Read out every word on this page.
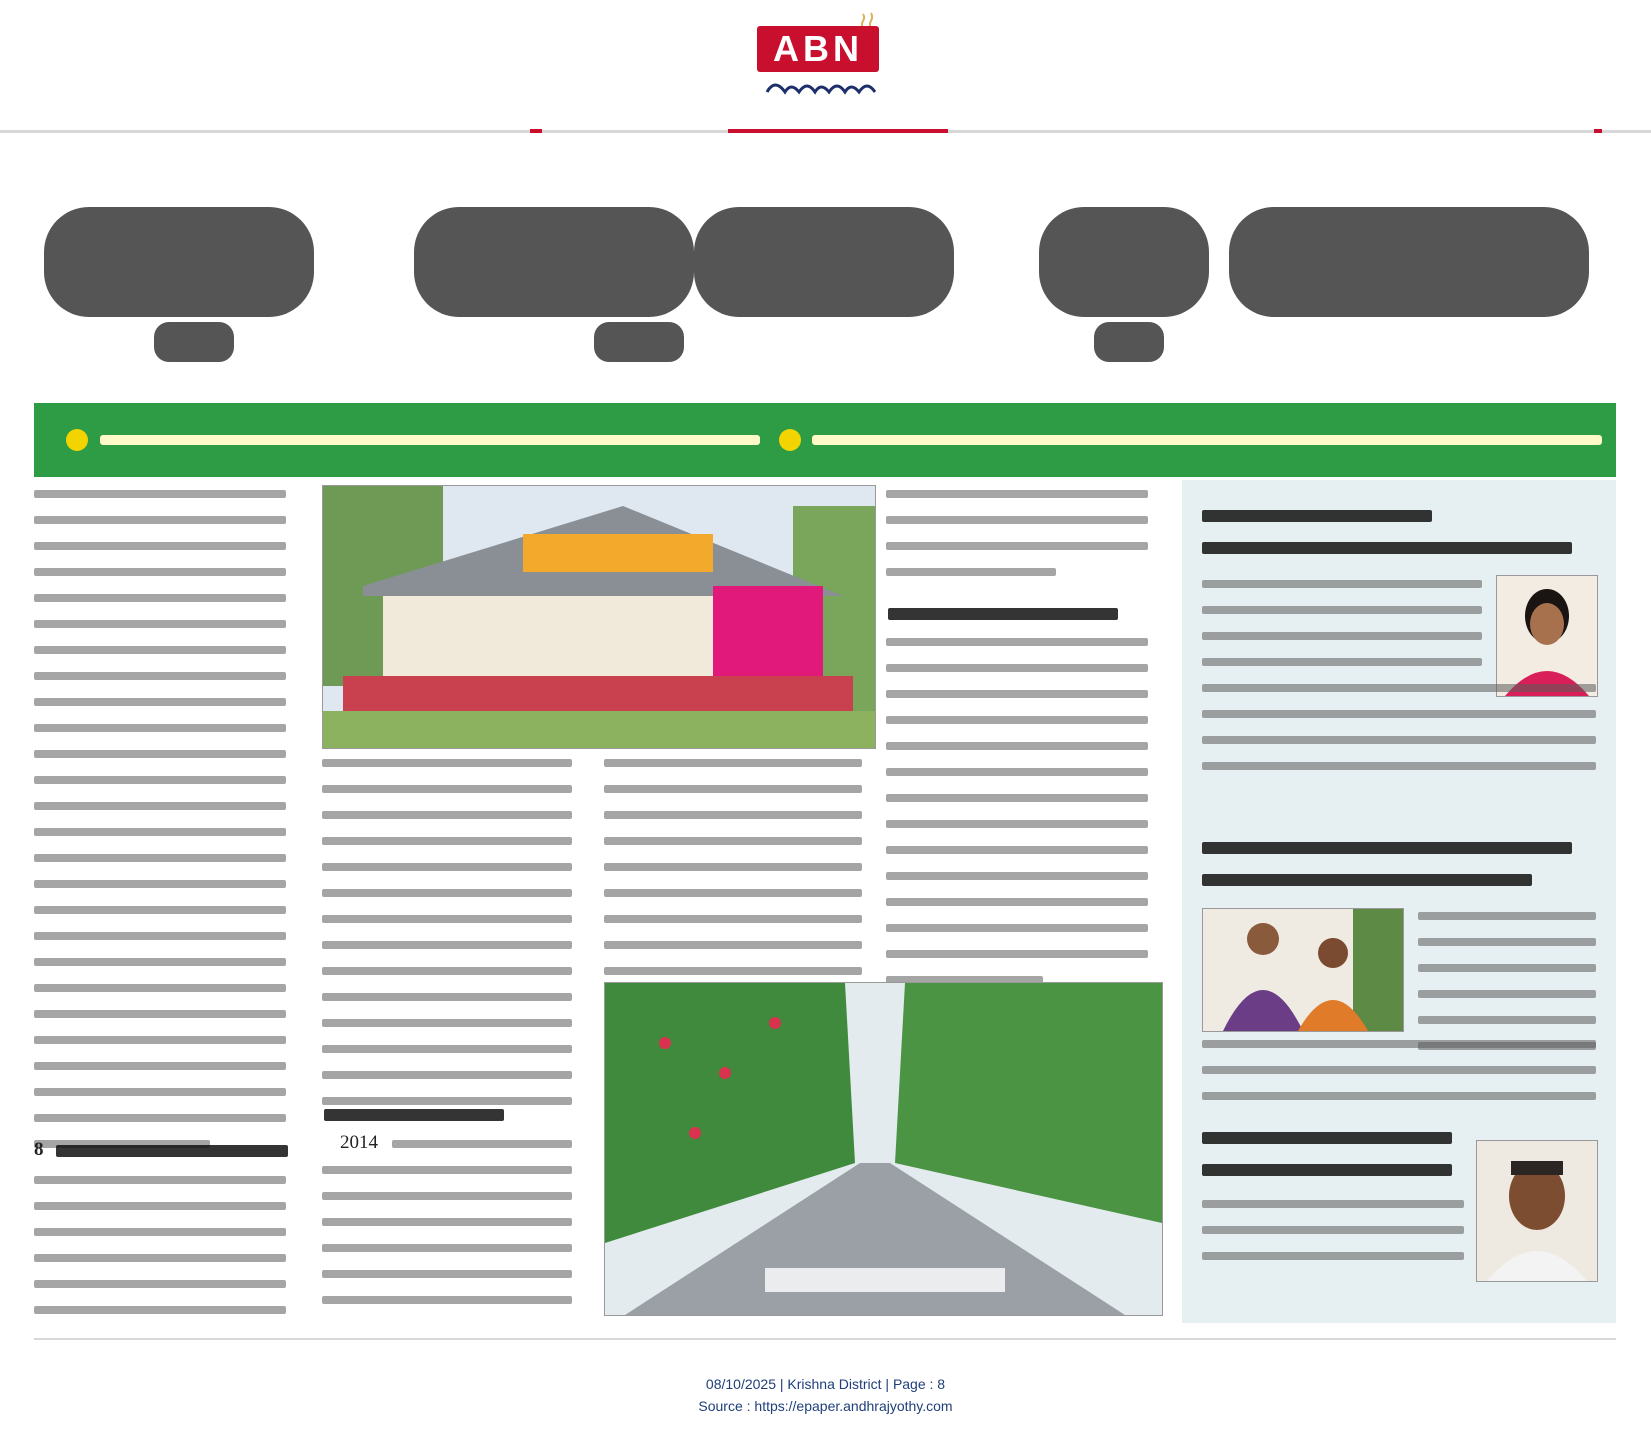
ABN
8	2014
08/10/2025 | Krishna District | Page : 8
Source : https://epaper.andhrajyothy.com
